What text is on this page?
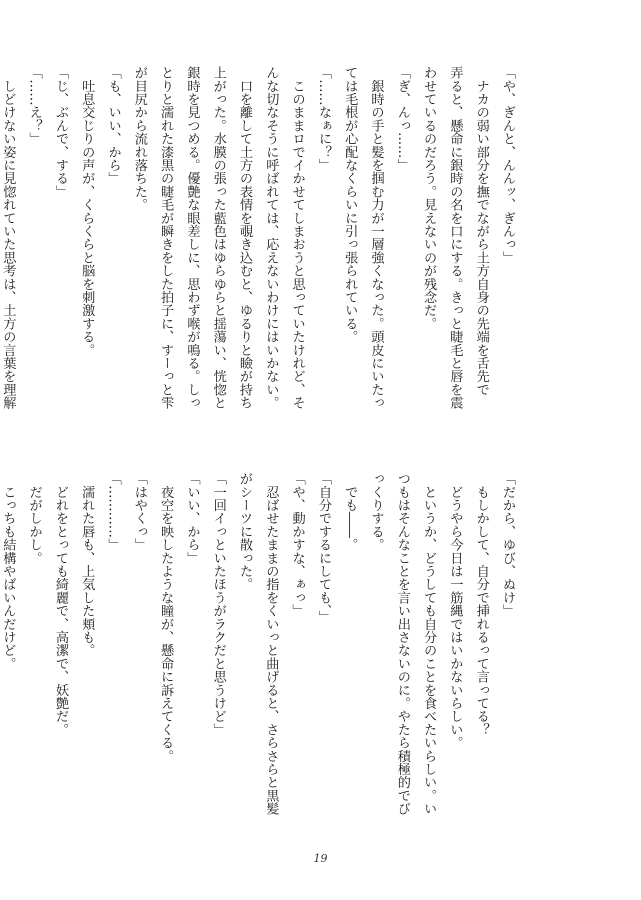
「や、ぎんと、んんッ、ぎんっ」
　ナカの弱い部分を撫でながら土方自身の先端を舌先で
弄ると、懸命に銀時の名を口にする。きっと睫毛と唇を震
わせているのだろう。見えないのが残念だ。
「ぎ、んっ……」
　銀時の手と髪を掴む力が一層強くなった。頭皮にいたっ
ては毛根が心配なくらいに引っ張られている。
「……なぁに？」
　このままロでイかせてしまおうと思っていたけれど、そ
んな切なそうに呼ばれては、応えないわけにはいかない。
　口を離して土方の表情を覗き込むと、ゆるりと瞼が持ち
上がった。水膜の張った藍色はゆらゆらと揺蕩い、恍惚と
銀時を見つめる。優艶な眼差しに、思わず喉が鳴る。しっ
とりと濡れた漆黒の睫毛が瞬きをした拍子に、すーっと雫
が目尻から流れ落ちた。
「も、いい、から」
　吐息交じりの声が、くらくらと脳を刺激する。
「じ、ぶんで、する」
「……え？」
　しどけない姿に見惚れていた思考は、土方の言葉を理解
「だから、ゆび、ぬけ」
　もしかして、自分で挿れるって言ってる？
　どうやら今日は一筋縄ではいかないらしい。
　というか、どうしても自分のことを食べたいらしい。い
つもはそんなことを言い出さないのに。やたら積極的でび
っくりする。
　でも――。
「自分でするにしても、」
「や、動かすな、ぁっ」
　忍ばせたままの指をくいっと曲げると、さらさらと黒髪
がシーツに散った。
「一回イっといたほうがラクだと思うけど」
「いい、から」
　夜空を映したような瞳が、懸命に訴えてくる。
「はやくっ」
「…………」
　濡れた唇も、上気した頬も。
　どれをとっても綺麗で、高潔で、妖艶だ。
　だがしかし。
　こっちも結構やばいんだけど。
19
